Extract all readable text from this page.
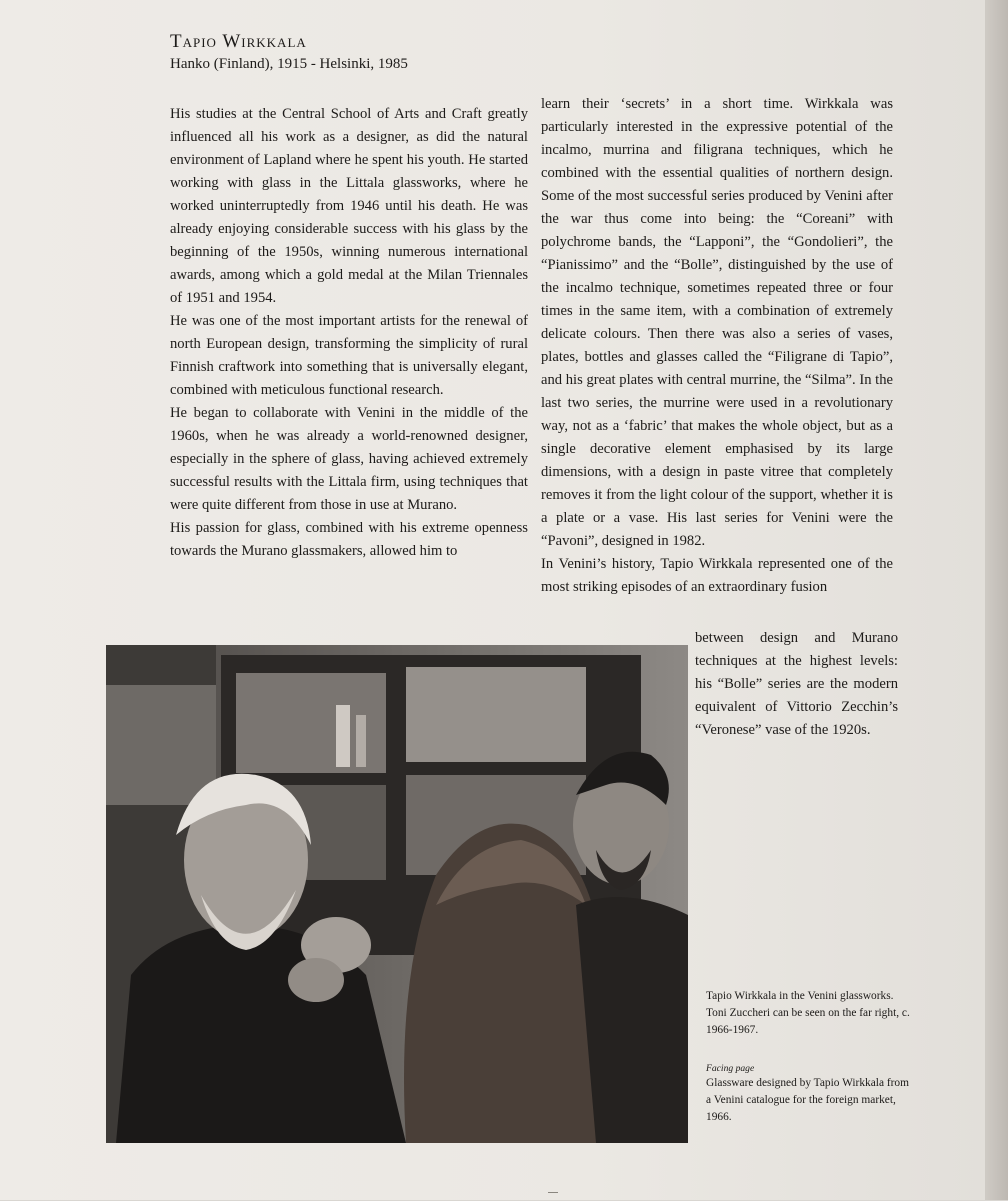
Tapio Wirkkala

Hanko (Finland), 1915 - Helsinki, 1985

His studies at the Central School of Arts and Craft greatly influenced all his work as a designer, as did the natural environment of Lapland where he spent his youth. He started working with glass in the Littala glassworks, where he worked uninterruptedly from 1946 until his death. He was already enjoying considerable success with his glass by the beginning of the 1950s, winning numerous international awards, among which a gold medal at the Milan Triennales of 1951 and 1954.

He was one of the most important artists for the renewal of north European design, transforming the simplicity of rural Finnish craftwork into something that is universally elegant, combined with meticulous functional research.

He began to collaborate with Venini in the middle of the 1960s, when he was already a world-renowned designer, especially in the sphere of glass, having achieved extremely successful results with the Littala firm, using techniques that were quite different from those in use at Murano.

His passion for glass, combined with his extreme openness towards the Murano glassmakers, allowed him to

learn their ‘secrets’ in a short time. Wirkkala was particularly interested in the expressive potential of the incalmo, murrina and filigrana techniques, which he combined with the essential qualities of northern design. Some of the most successful series produced by Venini after the war thus come into being: the “Coreani” with polychrome bands, the “Lapponi”, the “Gondolieri”, the “Pianissimo” and the “Bolle”, distinguished by the use of the incalmo technique, sometimes repeated three or four times in the same item, with a combination of extremely delicate colours. Then there was also a series of vases, plates, bottles and glasses called the “Filigrane di Tapio”, and his great plates with central murrine, the “Silma”. In the last two series, the murrine were used in a revolutionary way, not as a ‘fabric’ that makes the whole object, but as a single decorative element emphasised by its large dimensions, with a design in paste vitree that completely removes it from the light colour of the support, whether it is a plate or a vase. His last series for Venini were the “Pavoni”, designed in 1982.

In Venini’s history, Tapio Wirkkala represented one of the most striking episodes of an extraordinary fusion

between design and Murano techniques at the highest levels: his “Bolle” series are the modern equivalent of Vittorio Zecchin’s “Veronese” vase of the 1920s.

Tapio Wirkkala in the Venini glassworks. Toni Zuccheri can be seen on the far right, c. 1966-1967.

Facing page

Glassware designed by Tapio Wirkkala from a Venini catalogue for the foreign market, 1966.
